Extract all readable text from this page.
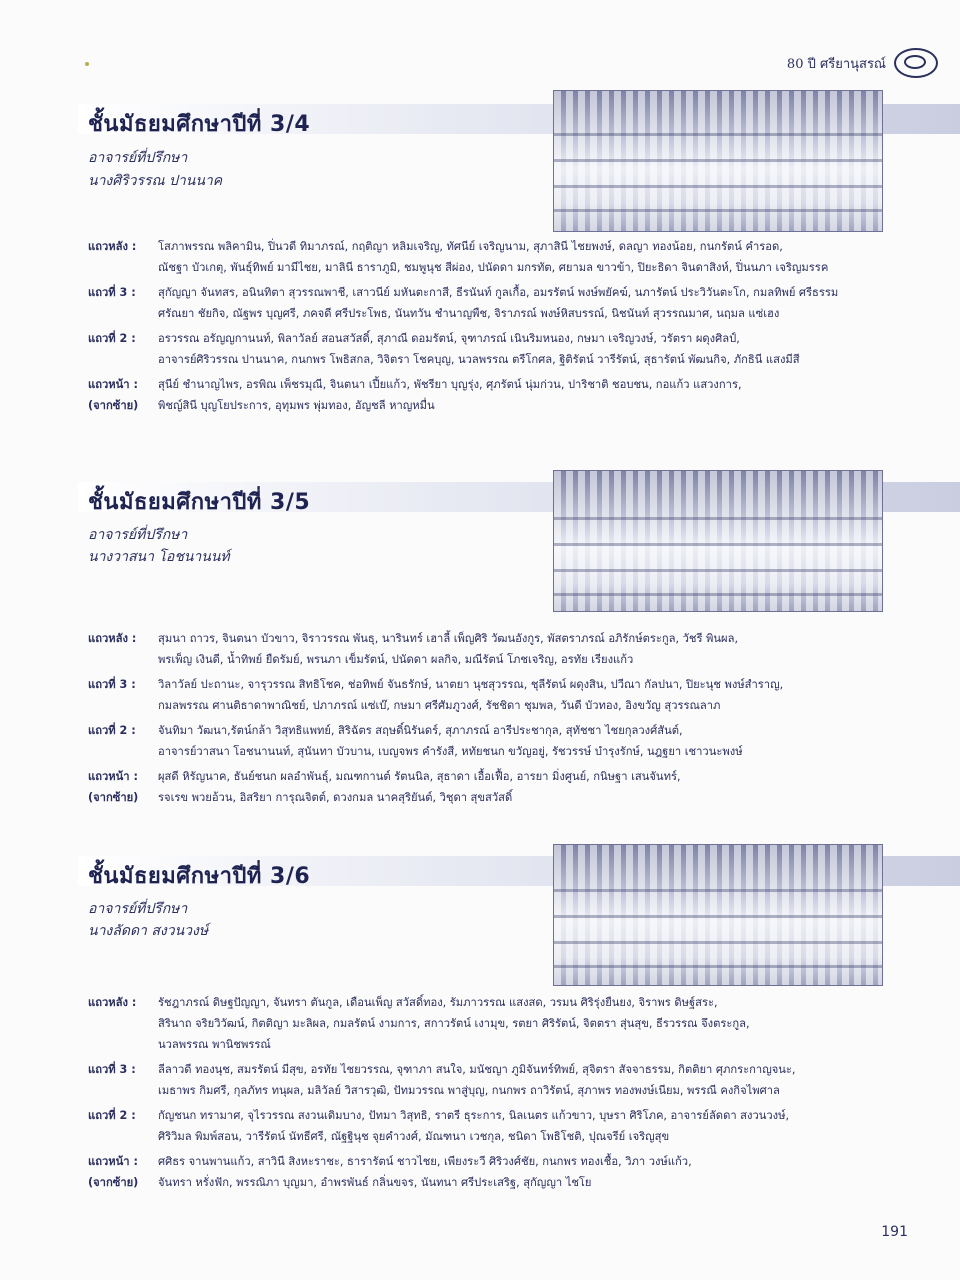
80 ปี ศรียานุสรณ์
ชั้นมัธยมศึกษาปีที่ 3/4
อาจารย์ที่ปรึกษา
นางศิริวรรณ ปานนาค
แถวหลัง :	โสภาพรรณ พลิคามิน, ปิ่นวดี ทิมาภรณ์, กฤติญา หลิมเจริญ, ทัศนีย์ เจริญนาม, สุภาสินี ไชยพงษ์, ดลญา ทองน้อย, กนกรัตน์ คำรอด,
ณัชฐา บัวเกตุ, พันธุ์ทิพย์ มามีไชย, มาลินี ธาราภูมิ, ชมพูนุช สีผ่อง, ปนัดดา มกรทัต, ศยามล ขาวข้า, ปิยะธิดา จินดาสิงห์, ปิ่นนภา เจริญมรรค
แถวที่ 3 :	สุกัญญา จันทสร, อนินทิตา สุวรรณพาชี, เสาวนีย์ มหันตะกาสี, ธีรนันท์ กูลเกื้อ, อมรรัตน์ พงษ์พยัคฆ์, นภารัตน์ ประวิวันตะโก, กมลทิพย์ ศรีธรรม
ศรัณยา ชัยกิจ, ณัฐพร บุญศรี, ภคจดี ศรีประโพธ, นันทวัน ชำนาญพืช, จิราภรณ์ พงษ์หิสบรรณ์, นิชนันท์ สุวรรณมาศ, นฤมล แซ่เฮง
แถวที่ 2 :	อรวรรณ อรัญญกานนท์, พิลาวัลย์ สอนสวัสดิ์, สุภาณี ดอมรัตน์, จุฑาภรณ์ เนินริมหนอง, กษมา เจริญวงษ์, วรัตรา ผดุงศิลป์,
อาจารย์ศิริวรรณ ปานนาค, กนกพร โพธิสกล, วิจิตรา โชคบุญ, นวลพรรณ ตรีโกศล, ฐิติรัตน์ วารีรัตน์, สุธารัตน์ พัฒนกิจ, ภักธินี แสงมีสี
แถวหน้า :
(จากซ้าย)
สุนีย์ ชำนาญไพร, อรพิณ เพ็ชรมุณี, จินตนา เปี้ยแก้ว, พัชรียา บุญรุ่ง, ศุภรัตน์ นุ่มก่วน, ปาริชาติ ชอบชน, กอแก้ว แสวงการ,
พิชญ์สินี บุญโยประการ, อุทุมพร พุ่มทอง, อัญชลี หาญหมื่น
ชั้นมัธยมศึกษาปีที่ 3/5
อาจารย์ที่ปรึกษา
นางวาสนา โอชนานนท์
แถวหลัง :	สุมนา ถาวร, จินตนา บัวขาว, จิราวรรณ พันธุ, นารินทร์ เฮาลี้ เพ็ญศิริ วัฒนอังกูร, พัสตราภรณ์ อภิรักษ์ตระกูล, วัชรี พินผล,
พรเพ็ญ เงินดี, น้ำทิพย์ ยืดรัมย์, พรนภา เข็มรัตน์, ปนัดดา ผลกิจ, มณีรัตน์ โภชเจริญ, อรทัย เรียงแก้ว
แถวที่ 3 :	วิลาวัลย์ ปะถานะ, จารุวรรณ สิทธิโชค, ช่อทิพย์ จันธรักษ์, นาตยา นุชสุวรรณ, ชุลีรัตน์ ผดุงสิน, ปวีณา กัลปนา, ปิยะนุช พงษ์สำราญ,
กมลพรรณ ศานติธาดาพาณิชย์, ปภาภรณ์ แซ่เบ๊, กษมา ศรีศัมภูวงศ์, รัชชิดา ชุมพล, วันดี บัวทอง, อิงขวัญ สุวรรณลาภ
แถวที่ 2 :	จันทิมา วัฒนา,รัตน์กล้า วิสุทธิแพทย์, สิริฉัตร สฤษดิ์นิรันดร์, สุภาภรณ์ อารีประชากุล, สุทัชชา ไชยกุลวงศ์สันต์,
อาจารย์วาสนา โอชนานนท์, สุนันทา บัวบาน, เบญจพร คำรังสี, หทัยชนก ขวัญอยู่, รัชวรรษ์ บำรุงรักษ์, นฎฐยา เชาวนะพงษ์
แถวหน้า :
(จากซ้าย)
ผุสดี หิรัญนาค, ธันย์ชนก ผลอำพันธุ์, มณฑกานต์ รัตนนิล, สุธาดา เอื้อเฟื้อ, อารยา มิ่งศูนย์, กนิษฐา เสนจันทร์,
รจเรข พวยอ้วน, อิสริยา การุณจิตต์, ดวงกมล นาคสุริยันต์, วิชุดา สุขสวัสดิ์
ชั้นมัธยมศึกษาปีที่ 3/6
อาจารย์ที่ปรึกษา
นางลัดดา สงวนวงษ์
แถวหลัง :	รัชฎาภรณ์ ดิษฐปัญญา, จันทรา ตันกูล, เดือนเพ็ญ สวัสดิ์ทอง, รัมภาวรรณ แสงสด, วรมน ศิริรุ่งยืนยง, จิราพร ดิษฐ์สระ,
สิรินาถ จริยวิวัฒน์, กิตติญา มะลิผล, กมลรัตน์ งามการ, สกาวรัตน์ เงามุข, รตยา ศิริรัตน์, จิตตรา สุ่นสุข, ธีรวรรณ จึงตระกูล,
นวลพรรณ พานิชพรรณ์
แถวที่ 3 :	ลีลาวดี ทองนุช, สมรรัตน์ มีสุข, อรทัย ไชยวรรณ, จุฑาภา สนใจ, มนัชญา ภูมิจันทร์ทิพย์, สุจิตรา สัจจาธรรม, กิตติยา ศุภกระกาญจนะ,
เมธาพร กิมศรี, กุลภัทร ทนุผล, มลิวัลย์ วิสารวุฒิ, ปัทมวรรณ พาสู่บุญ, กนกพร ถาวิรัตน์, สุภาพร ทองพงษ์เนียม, พรรณี คงกิจไพศาล
แถวที่ 2 :	กัญชนก ทรามาศ, จุไรวรรณ สงวนเดิมบาง, ปัทมา วิสุทธิ, ราตรี ธุระการ, นิลเนตร แก้วขาว, บุษรา ศิริโภค, อาจารย์ลัดดา สงวนวงษ์,
ศิริวิมล พิมพ์สอน, วารีรัตน์ นัทธีศรี, ณัฐฐินุช จุยคำวงศ์, มัณฑนา เวชกุล, ชนิดา โพธิโชติ, ปุณจรีย์ เจริญสุข
แถวหน้า :
(จากซ้าย)
ศศิธร จานพานแก้ว, สาวินี สิงหะราชะ, ธารารัตน์ ชาวไชย, เพียงระวี ศิริวงศ์ชัย, กนกพร ทองเชื้อ, วิภา วงษ์แก้ว,
จันทรา หรั่งฟัก, พรรณิภา บุญมา, อำพรพันธ์ กลิ่นขจร, นันทนา ศรีประเสริฐ, สุกัญญา ไชโย
191
